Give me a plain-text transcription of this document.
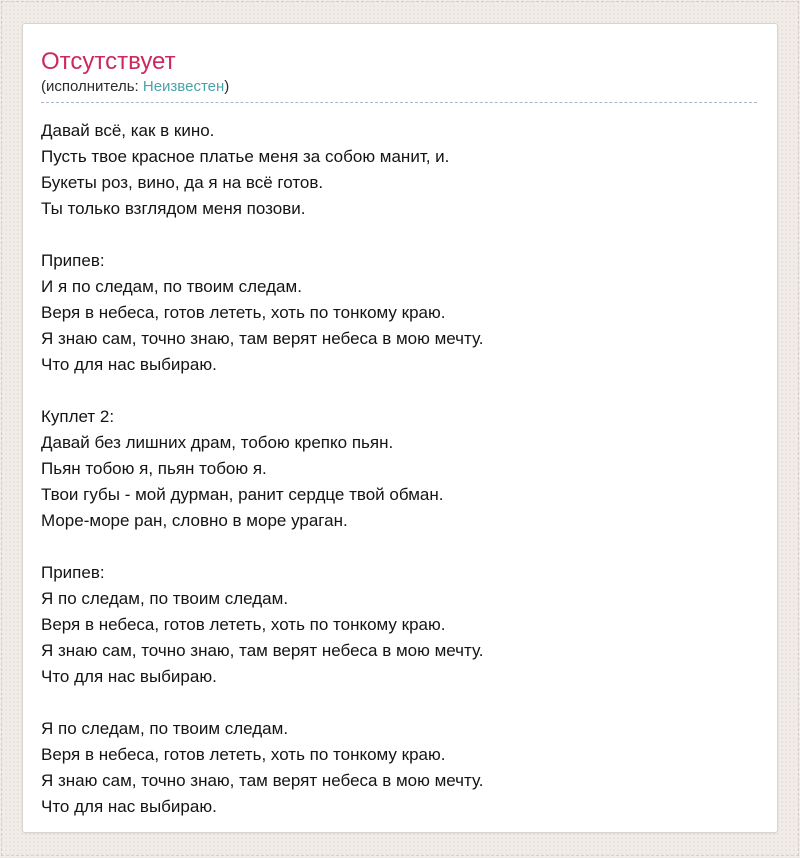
Отсутствует
(исполнитель: Неизвестен)
Давай всё, как в кино.
Пусть твое красное платье меня за собою манит, и.
Букеты роз, вино, да я на всё готов.
Ты только взглядом меня позови.
Припев:
И я по следам, по твоим следам.
Веря в небеса, готов лететь, хоть по тонкому краю.
Я знаю сам, точно знаю, там верят небеса в мою мечту.
Что для нас выбираю.
Куплет 2:
Давай без лишних драм, тобою крепко пьян.
Пьян тобою я, пьян тобою я.
Твои губы - мой дурман, ранит сердце твой обман.
Море-море ран, словно в море ураган.
Припев:
Я по следам, по твоим следам.
Веря в небеса, готов лететь, хоть по тонкому краю.
Я знаю сам, точно знаю, там верят небеса в мою мечту.
Что для нас выбираю.
Я по следам, по твоим следам.
Веря в небеса, готов лететь, хоть по тонкому краю.
Я знаю сам, точно знаю, там верят небеса в мою мечту.
Что для нас выбираю.
